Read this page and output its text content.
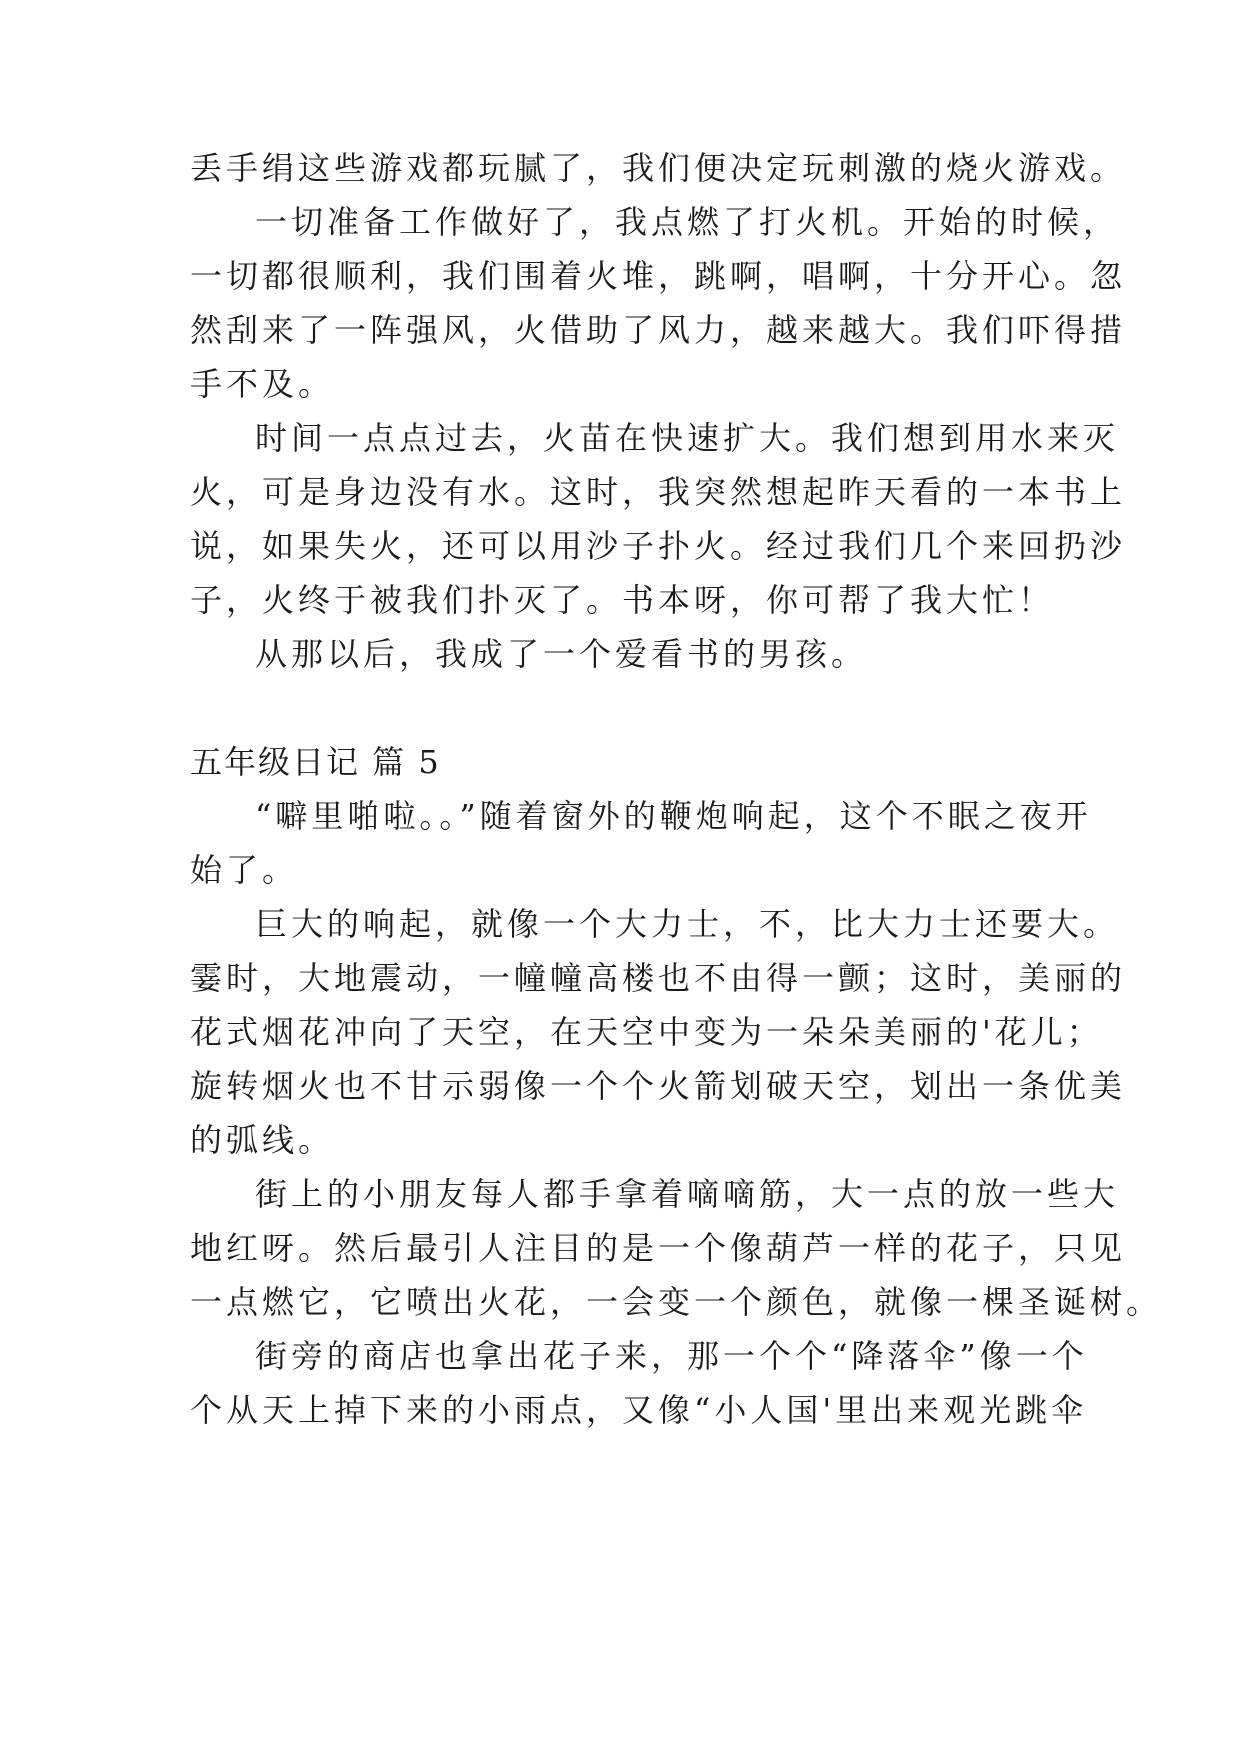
丢手绢这些游戏都玩腻了，我们便决定玩刺激的烧火游戏。
一切准备工作做好了，我点燃了打火机。开始的时候，
一切都很顺利，我们围着火堆，跳啊，唱啊，十分开心。忽
然刮来了一阵强风，火借助了风力，越来越大。我们吓得措
手不及。
时间一点点过去，火苗在快速扩大。我们想到用水来灭
火，可是身边没有水。这时，我突然想起昨天看的一本书上
说，如果失火，还可以用沙子扑火。经过我们几个来回扔沙
子，火终于被我们扑灭了。书本呀，你可帮了我大忙！
从那以后，我成了一个爱看书的男孩。
五年级日记 篇 5
“噼里啪啦。。”随着窗外的鞭炮响起，这个不眠之夜开
始了。
巨大的响起，就像一个大力士，不，比大力士还要大。
霎时，大地震动，一幢幢高楼也不由得一颤；这时，美丽的
花式烟花冲向了天空，在天空中变为一朵朵美丽的'花儿；
旋转烟火也不甘示弱像一个个火箭划破天空，划出一条优美
的弧线。
街上的小朋友每人都手拿着嘀嘀筋，大一点的放一些大
地红呀。然后最引人注目的是一个像葫芦一样的花子，只见
一点燃它，它喷出火花，一会变一个颜色，就像一棵圣诞树。
街旁的商店也拿出花子来，那一个个“降落伞”像一个
个从天上掉下来的小雨点，又像“小人国'里出来观光跳伞
